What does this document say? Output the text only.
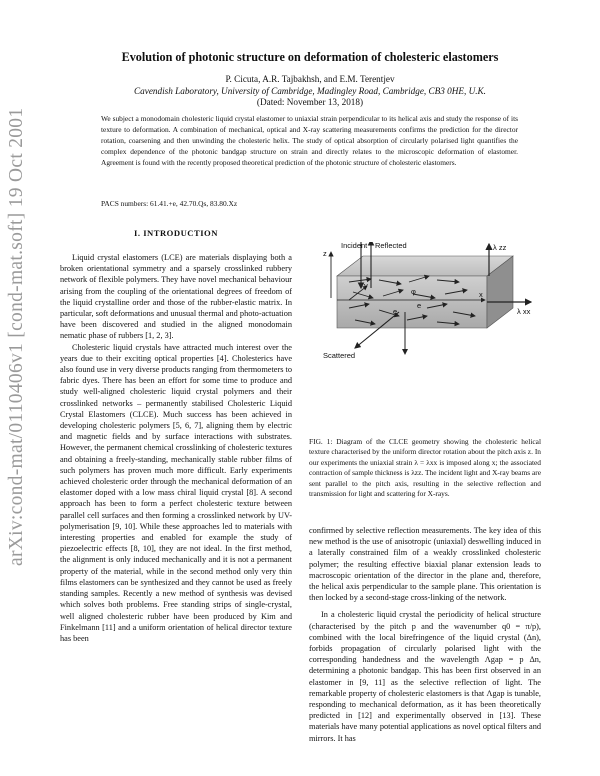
arXiv:cond-mat/0110406v1 [cond-mat.soft] 19 Oct 2001
Evolution of photonic structure on deformation of cholesteric elastomers
P. Cicuta, A.R. Tajbakhsh, and E.M. Terentjev
Cavendish Laboratory, University of Cambridge, Madingley Road, Cambridge, CB3 0HE, U.K.
(Dated: November 13, 2018)
We subject a monodomain cholesteric liquid crystal elastomer to uniaxial strain perpendicular to its helical axis and study the response of its texture to deformation. A combination of mechanical, optical and X-ray scattering measurements confirms the prediction for the director rotation, coarsening and then unwinding the cholesteric helix. The study of optical absorption of circularly polarised light quantifies the complex dependence of the photonic bandgap structure on strain and directly relates to the microscopic deformation of elastomer. Agreement is found with the recently proposed theoretical prediction of the photonic structure of cholesteric elastomers.
PACS numbers: 61.41.+e, 42.70.Qs, 83.80.Xz
I. INTRODUCTION

Liquid crystal elastomers (LCE) are materials displaying both a broken orientational symmetry and a sparsely crosslinked rubbery network of flexible polymers. They have novel mechanical behaviour arising from the coupling of the orientational degrees of freedom of the liquid crystalline order and those of the rubber-elastic matrix. In particular, soft deformations and unusual thermal and photo-actuation have been discovered and studied in the aligned monodomain nematic phase of rubbers [1, 2, 3].

Cholesteric liquid crystals have attracted much interest over the years due to their exciting optical properties [4]. Cholesterics have also found use in very diverse products ranging from thermometers to fabric dyes. There has been an effort for some time to produce and study well-aligned cholesteric liquid crystal polymers and their crosslinked networks – permanently stabilised Cholesteric Liquid Crystal Elastomers (CLCE). Much success has been achieved in developing cholesteric polymers [5, 6, 7], aligning them by electric and magnetic fields and by surface interactions with substrates. However, the permanent chemical crosslinking of cholesteric textures and obtaining a freely-standing, mechanically stable rubber films of such polymers has proven much more difficult. Early experiments achieved cholesteric order through the mechanical deformation of an elastomer doped with a low mass chiral liquid crystal [8]. A second approach has been to form a perfect cholesteric texture between parallel cell surfaces and then forming a crosslinked network by UV-polymerisation [9, 10]. While these approaches led to materials with interesting properties and enabled for example the study of piezoelectric effects [8, 10], they are not ideal. In the first method, the alignment is only induced mechanically and it is not a permanent property of the material, while in the second method only very thin films elastomers can be synthesized and they cannot be used as freely standing samples. Recently a new method of synthesis was devised which solves both problems. Free standing strips of single-crystal, well aligned cholesteric rubber have been produced by Kim and Finkelmann [11] and a uniform orientation of helical director texture has been

z
Incident Reflected	λ zz
y
x
φ
e
e	λ xx
Scattered
FIG. 1: Diagram of the CLCE geometry showing the cholesteric helical texture characterised by the uniform director rotation about the pitch axis z. In our experiments the uniaxial strain λ = λxx is imposed along x; the associated contraction of sample thickness is λzz. The incident light and X-ray beams are sent parallel to the pitch axis, resulting in the selective reflection and transmission for light and scattering for X-rays.

confirmed by selective reflection measurements. The key idea of this new method is the use of anisotropic (uniaxial) deswelling induced in a laterally constrained film of a weakly crosslinked cholesteric polymer; the resulting effective biaxial planar extension leads to macroscopic orientation of the director in the plane and, therefore, the helical axis perpendicular to the sample plane. This orientation is then locked by a second-stage cross-linking of the network.

In a cholesteric liquid crystal the periodicity of helical structure (characterised by the pitch p and the wavenumber q0 = π/p), combined with the local birefringence of the liquid crystal (Δn), forbids propagation of circularly polarised light with the corresponding handedness and the wavelength Λgap = p Δn, determining a photonic bandgap. This has been first observed in an elastomer in [9, 11] as the selective reflection of light. The remarkable property of cholesteric elastomers is that Λgap is tunable, responding to mechanical deformation, as it has been theoretically predicted in [12] and experimentally observed in [13]. These materials have many potential applications as novel optical filters and mirrors. It has
